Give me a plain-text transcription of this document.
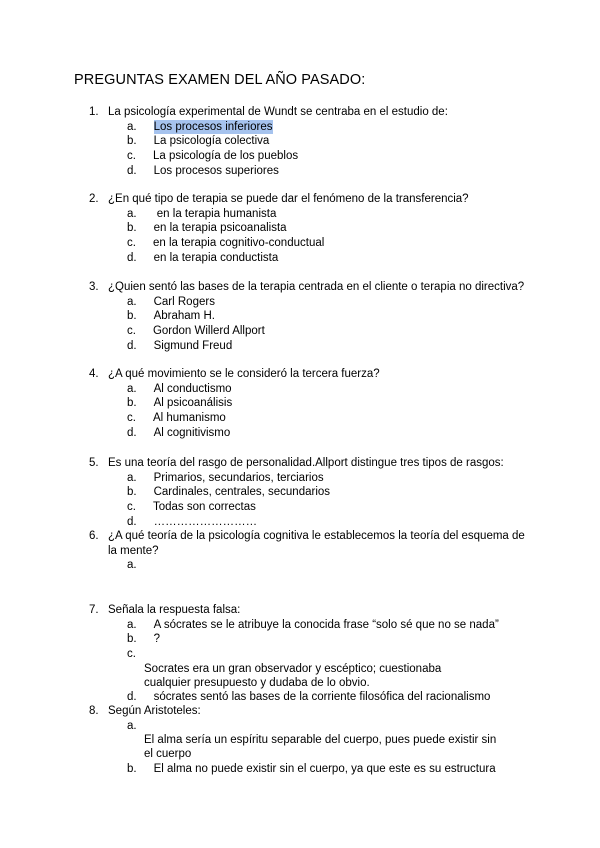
PREGUNTAS EXAMEN DEL AÑO PASADO:
1. La psicología experimental de Wundt se centraba en el estudio de:
a. Los procesos inferiores
b. La psicología colectiva
c. La psicología de los pueblos
d. Los procesos superiores
2. ¿En qué tipo de terapia se puede dar el fenómeno de la transferencia?
a. en la terapia humanista
b. en la terapia psicoanalista
c. en la terapia cognitivo-conductual
d. en la terapia conductista
3. ¿Quien sentó las bases de la terapia centrada en el cliente o terapia no directiva?
a. Carl Rogers
b. Abraham H.
c. Gordon Willerd Allport
d. Sigmund Freud
4. ¿A qué movimiento se le consideró la tercera fuerza?
a. Al conductismo
b. Al psicoanálisis
c. Al humanismo
d. Al cognitivismo
5. Es una teoría del rasgo de personalidad.Allport distingue tres tipos de rasgos:
a. Primarios, secundarios, terciarios
b. Cardinales, centrales, secundarios
c. Todas son correctas
d. ………………………
6. ¿A qué teoría de la psicología cognitiva le establecemos la teoría del esquema de la mente?
a.
7. Señala la respuesta falsa:
a. A sócrates se le atribuye la conocida frase “solo sé que no se nada”
b. ?
c.
Socrates era un gran observador y escéptico; cuestionaba cualquier presupuesto y dudaba de lo obvio.
d. sócrates sentó las bases de la corriente filosófica del racionalismo
8. Según Aristoteles:
a.
El alma sería un espíritu separable del cuerpo, pues puede existir sin el cuerpo
b. El alma no puede existir sin el cuerpo, ya que este es su estructura
